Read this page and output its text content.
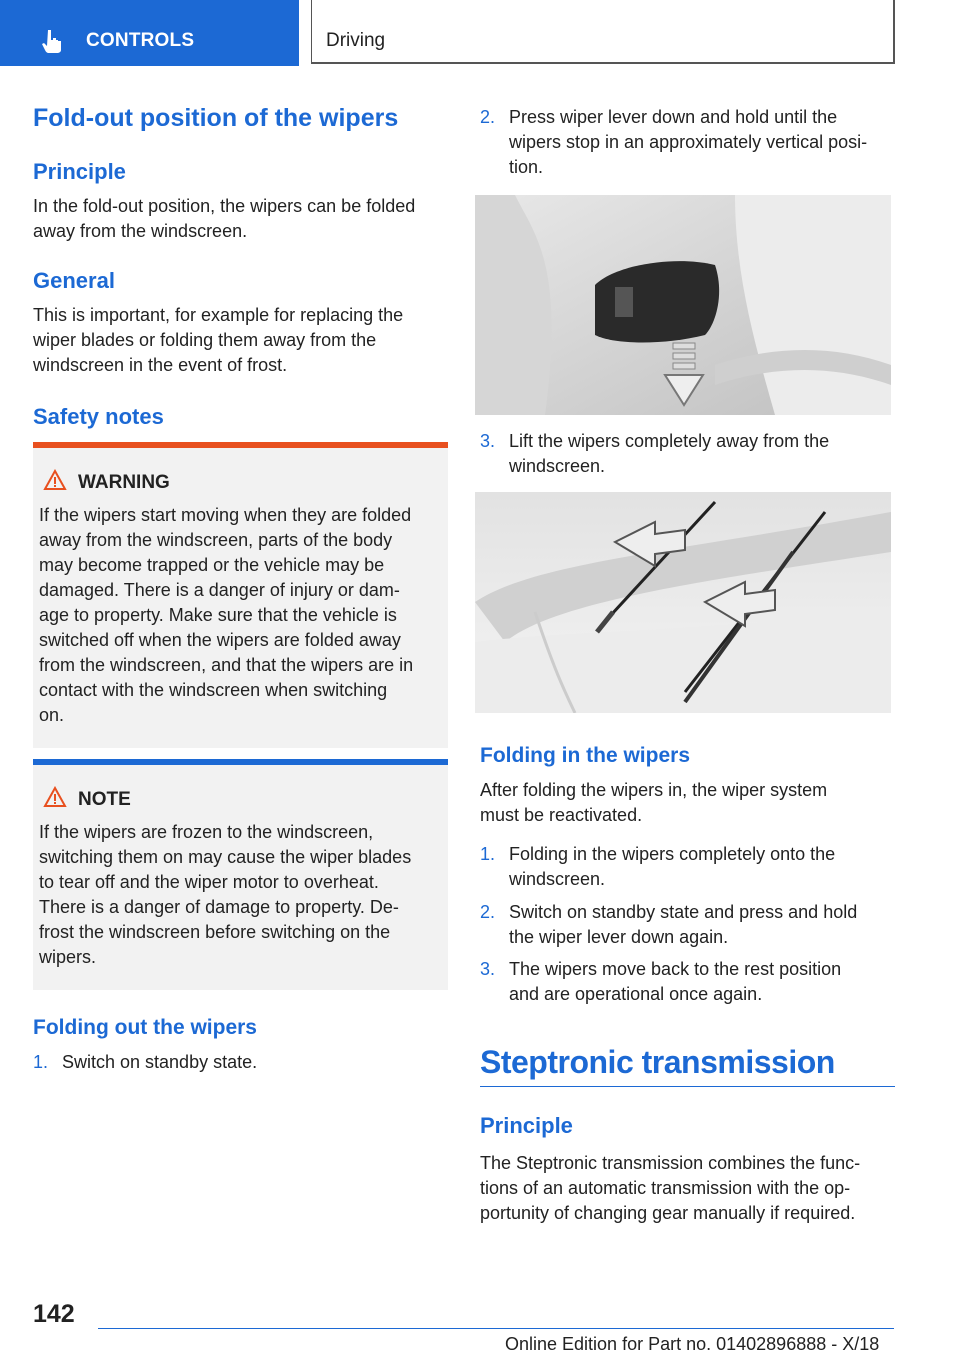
CONTROLS	Driving
Fold-out position of the wipers
Principle

In the fold-out position, the wipers can be folded away from the windscreen.

General

This is important, for example for replacing the wiper blades or folding them away from the windscreen in the event of frost.

Safety notes
WARNING
If the wipers start moving when they are folded
away from the windscreen, parts of the body
may become trapped or the vehicle may be
damaged. There is a danger of injury or dam-
age to property. Make sure that the vehicle is
switched off when the wipers are folded away
from the windscreen, and that the wipers are in
contact with the windscreen when switching
on.
NOTE
If the wipers are frozen to the windscreen,
switching them on may cause the wiper blades
to tear off and the wiper motor to overheat.
There is a danger of damage to property. De-
frost the windscreen before switching on the
wipers.
Folding out the wipers
1. Switch on standby state.
2. Press wiper lever down and hold until the
wipers stop in an approximately vertical posi-
tion.
3. Lift the wipers completely away from the
windscreen.
Folding in the wipers

After folding the wipers in, the wiper system
must be reactivated.

1. Folding in the wipers completely onto the
windscreen.
2. Switch on standby state and press and hold
the wiper lever down again.
3. The wipers move back to the rest position
and are operational once again.
Steptronic transmission
Principle

The Steptronic transmission combines the func-
tions of an automatic transmission with the op-
portunity of changing gear manually if required.

142
Online Edition for Part no. 01402896888 - X/18
